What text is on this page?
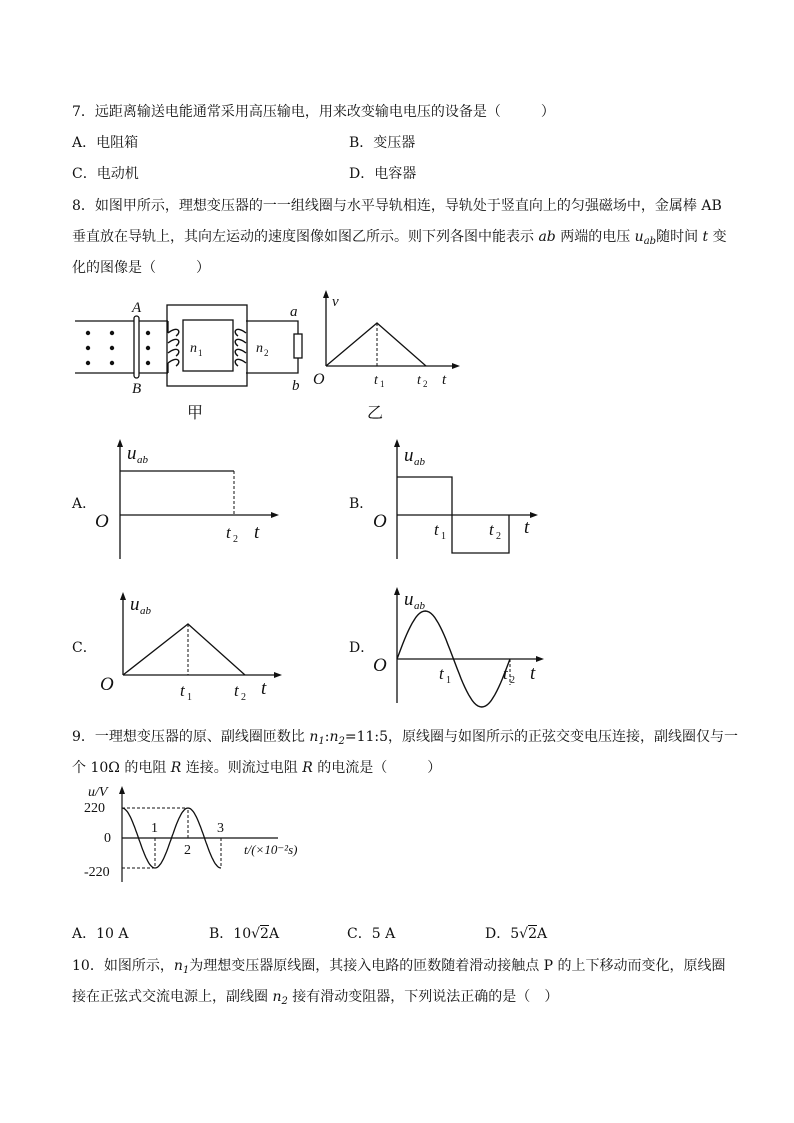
7．远距离输送电能通常采用高压输电，用来改变输电电压的设备是（	）
A．电阻箱	B．变压器
C．电动机	D．电容器
8．如图甲所示，理想变压器的一一组线圈与水平导轨相连，导轨处于竖直向上的匀强磁场中，金属棒 AB
垂直放在导轨上，其向左运动的速度图像如图乙所示。则下列各图中能表示 ab 两端的电压 $u_{ab}$随时间 t 变
化的图像是（	）
A
B
n 1	n 2
a
b
甲
v
O	t 1 t 2 t
乙
A．
u ab
O
t 2 t
B．
u ab
O	t 1	t 2 t
C．
u ab
O	t 1 t 2 t
D．
u ab
O	t 1	t 2 t
9．一理想变压器的原、副线圈匝数比 $n_1:n_2=11:5$，原线圈与如图所示的正弦交变电压连接，副线圈仅与一
个 10Ω 的电阻 R 连接。则流过电阻 R 的电流是（	）
1
2
3
u/V
220
0
-220
t/(×10⁻²s)
A．10 A	B．10√2A	C．5 A	D．5√2A
10．如图所示，$n_1$为理想变压器原线圈，其接入电路的匝数随着滑动接触点 P 的上下移动而变化，原线圈
接在正弦式交流电源上，副线圈 $n_2$ 接有滑动变阻器，下列说法正确的是（ ）
